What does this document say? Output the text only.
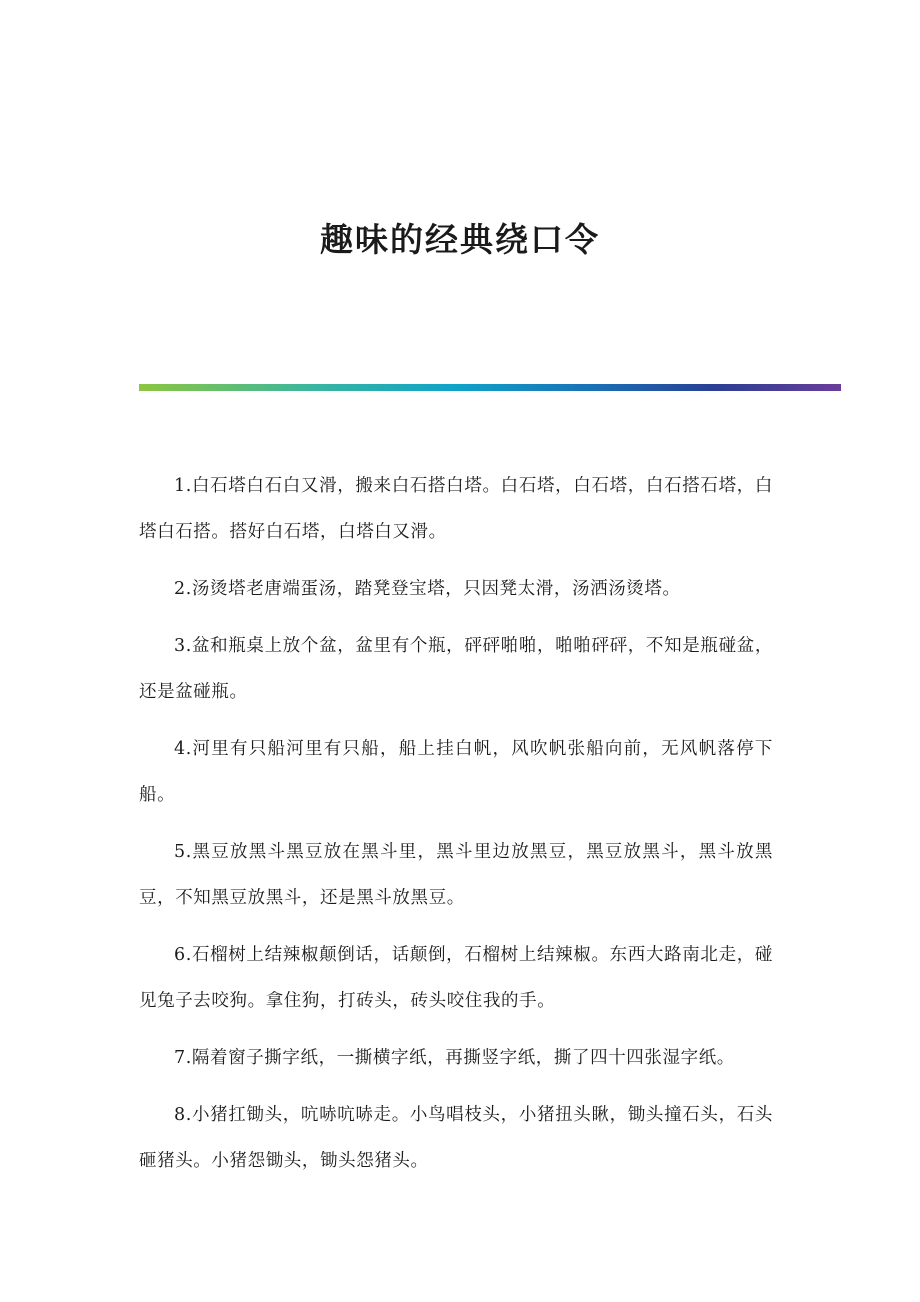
趣味的经典绕口令

1.白石塔白石白又滑，搬来白石搭白塔。白石塔，白石塔，白石搭石塔，白塔白石搭。搭好白石塔，白塔白又滑。

2.汤烫塔老唐端蛋汤，踏凳登宝塔，只因凳太滑，汤洒汤烫塔。

3.盆和瓶桌上放个盆，盆里有个瓶，砰砰啪啪，啪啪砰砰，不知是瓶碰盆，还是盆碰瓶。

4.河里有只船河里有只船，船上挂白帆，风吹帆张船向前，无风帆落停下船。

5.黑豆放黑斗黑豆放在黑斗里，黑斗里边放黑豆，黑豆放黑斗，黑斗放黑豆，不知黑豆放黑斗，还是黑斗放黑豆。

6.石榴树上结辣椒颠倒话，话颠倒，石榴树上结辣椒。东西大路南北走，碰见兔子去咬狗。拿住狗，打砖头，砖头咬住我的手。

7.隔着窗子撕字纸，一撕横字纸，再撕竖字纸，撕了四十四张湿字纸。

8.小猪扛锄头，吭哧吭哧走。小鸟唱枝头，小猪扭头瞅，锄头撞石头，石头砸猪头。小猪怨锄头，锄头怨猪头。
